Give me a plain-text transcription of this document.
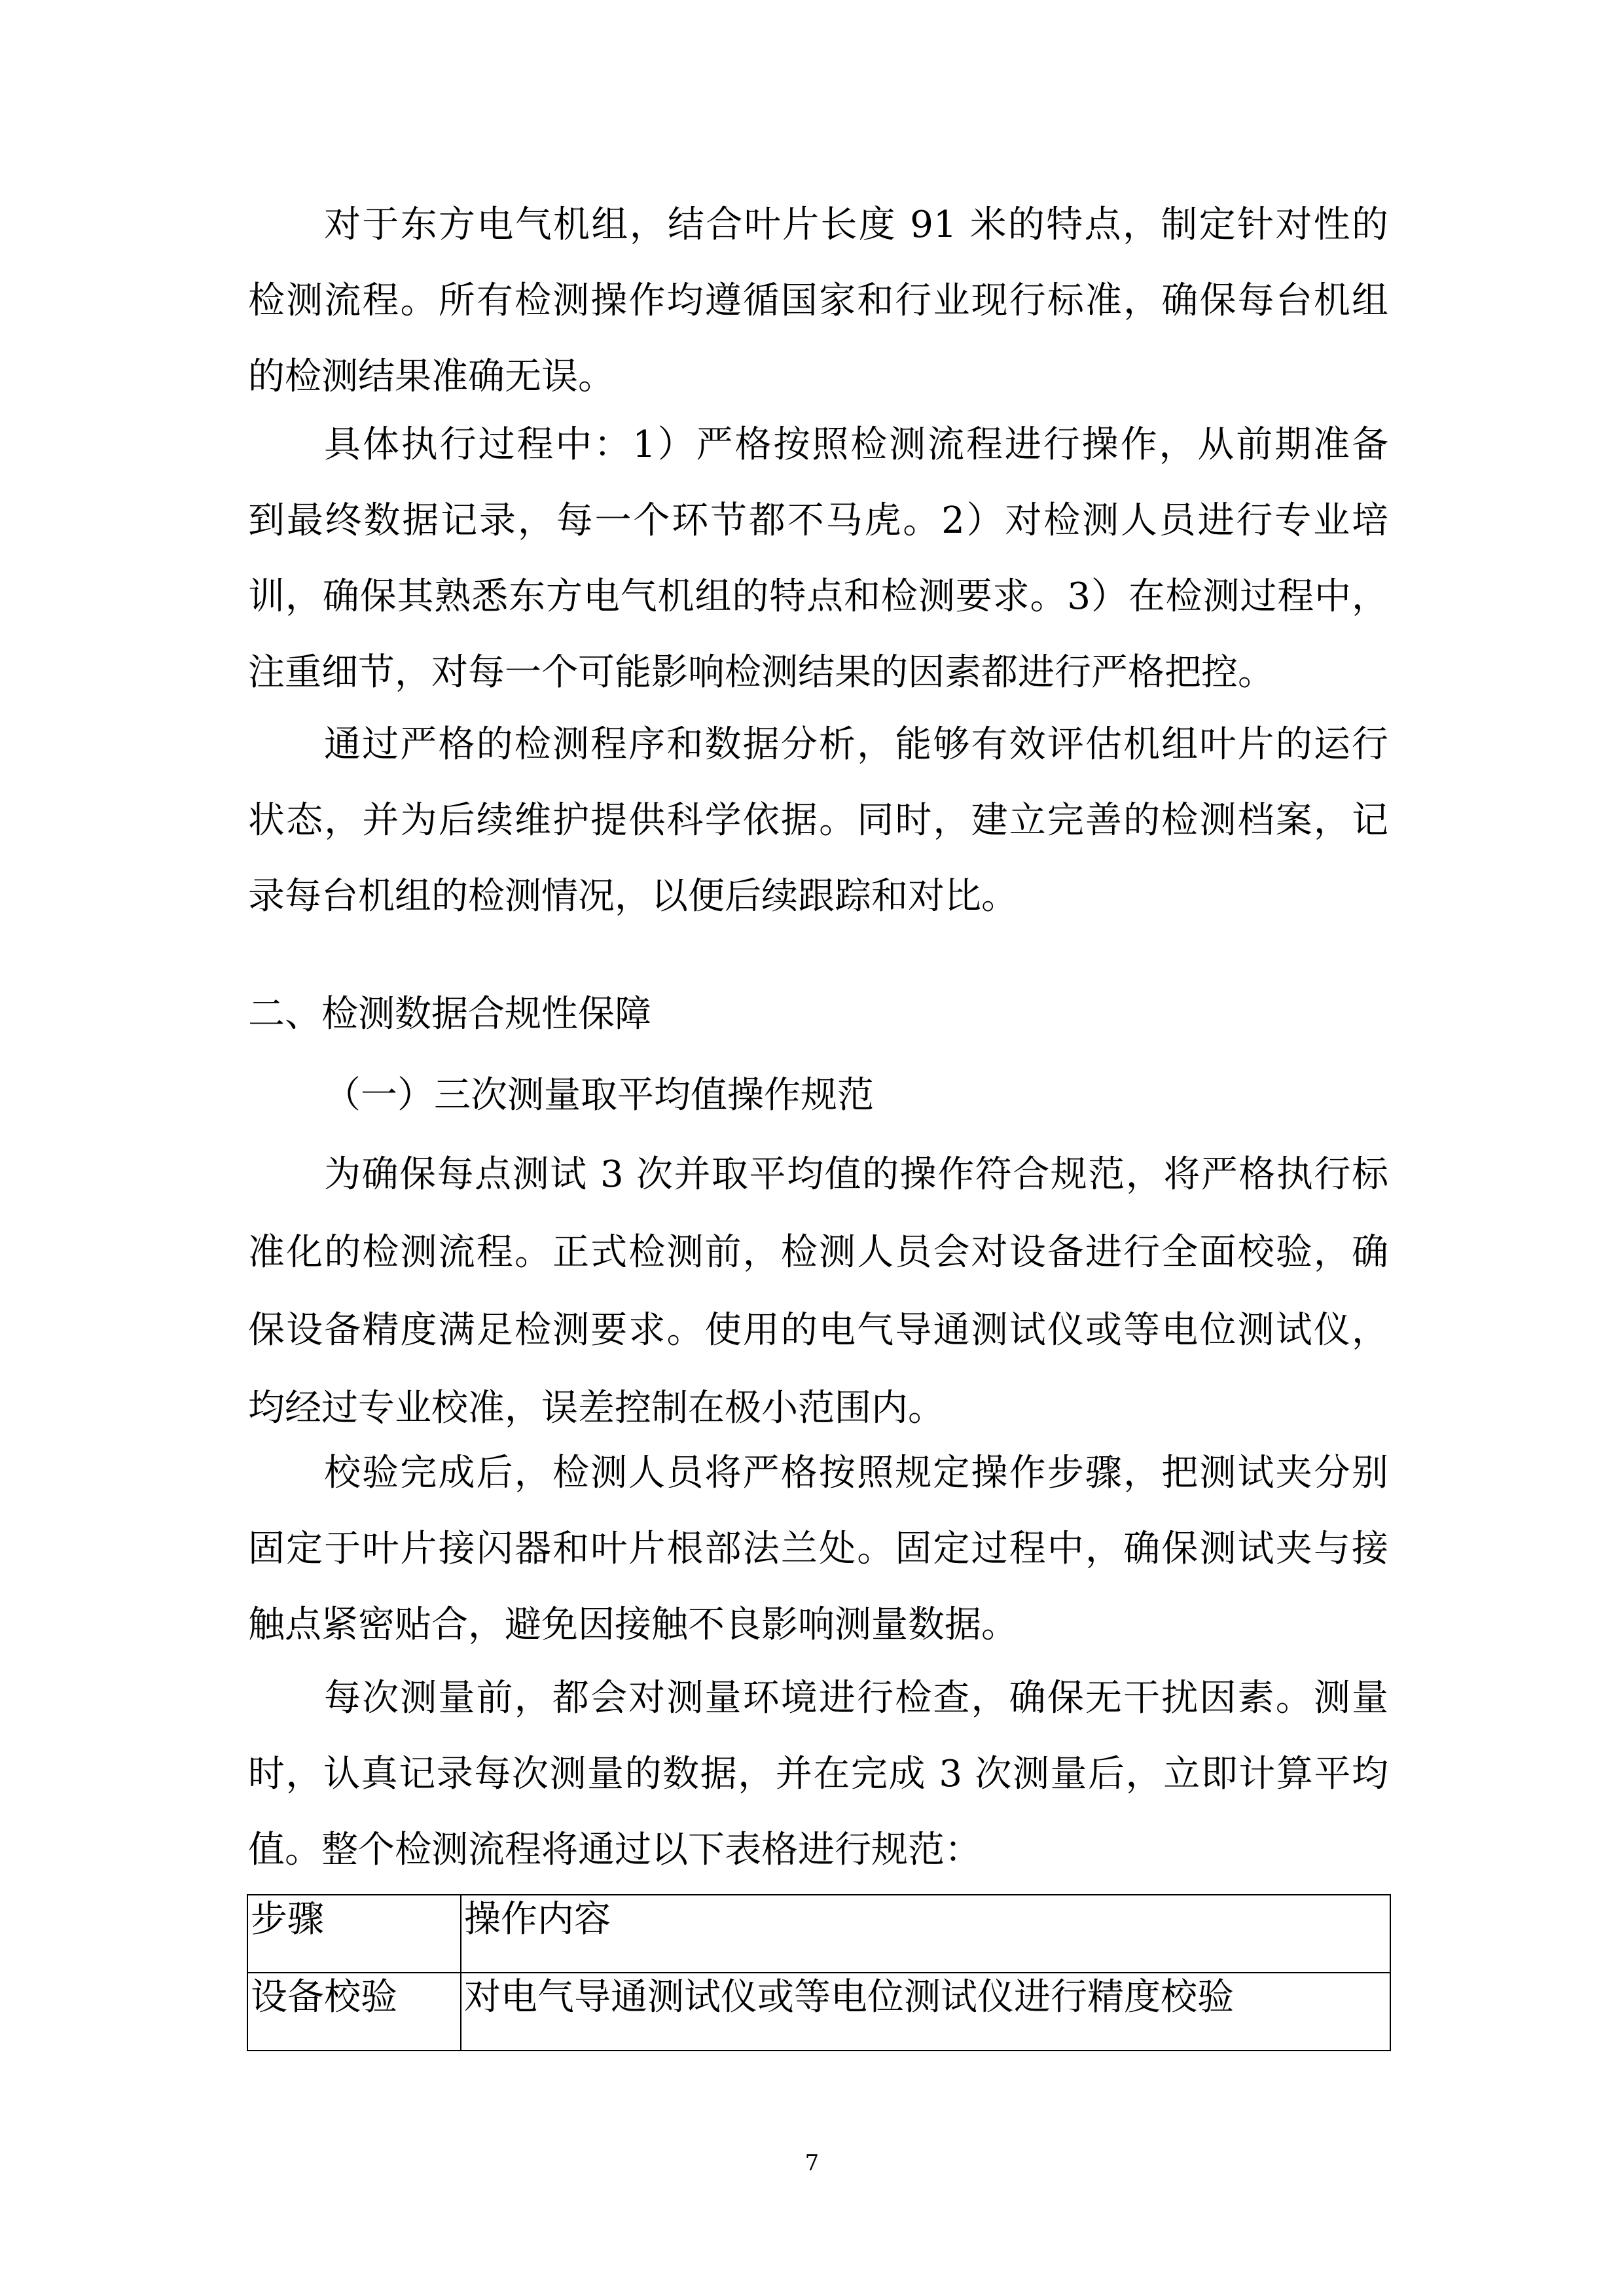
对于东方电气机组，结合叶片长度 91 米的特点，制定针对性的
检测流程。所有检测操作均遵循国家和行业现行标准，确保每台机组
的检测结果准确无误。
具体执行过程中：1）严格按照检测流程进行操作，从前期准备
到最终数据记录，每一个环节都不马虎。2）对检测人员进行专业培
训，确保其熟悉东方电气机组的特点和检测要求。3）在检测过程中，
注重细节，对每一个可能影响检测结果的因素都进行严格把控。
通过严格的检测程序和数据分析，能够有效评估机组叶片的运行
状态，并为后续维护提供科学依据。同时，建立完善的检测档案，记
录每台机组的检测情况，以便后续跟踪和对比。
二、检测数据合规性保障
（一）三次测量取平均值操作规范
为确保每点测试 3 次并取平均值的操作符合规范，将严格执行标
准化的检测流程。正式检测前，检测人员会对设备进行全面校验，确
保设备精度满足检测要求。使用的电气导通测试仪或等电位测试仪，
均经过专业校准，误差控制在极小范围内。
校验完成后，检测人员将严格按照规定操作步骤，把测试夹分别
固定于叶片接闪器和叶片根部法兰处。固定过程中，确保测试夹与接
触点紧密贴合，避免因接触不良影响测量数据。
每次测量前，都会对测量环境进行检查，确保无干扰因素。测量
时，认真记录每次测量的数据，并在完成 3 次测量后，立即计算平均
值。整个检测流程将通过以下表格进行规范：
步骤	操作内容
设备校验	对电气导通测试仪或等电位测试仪进行精度校验
7
